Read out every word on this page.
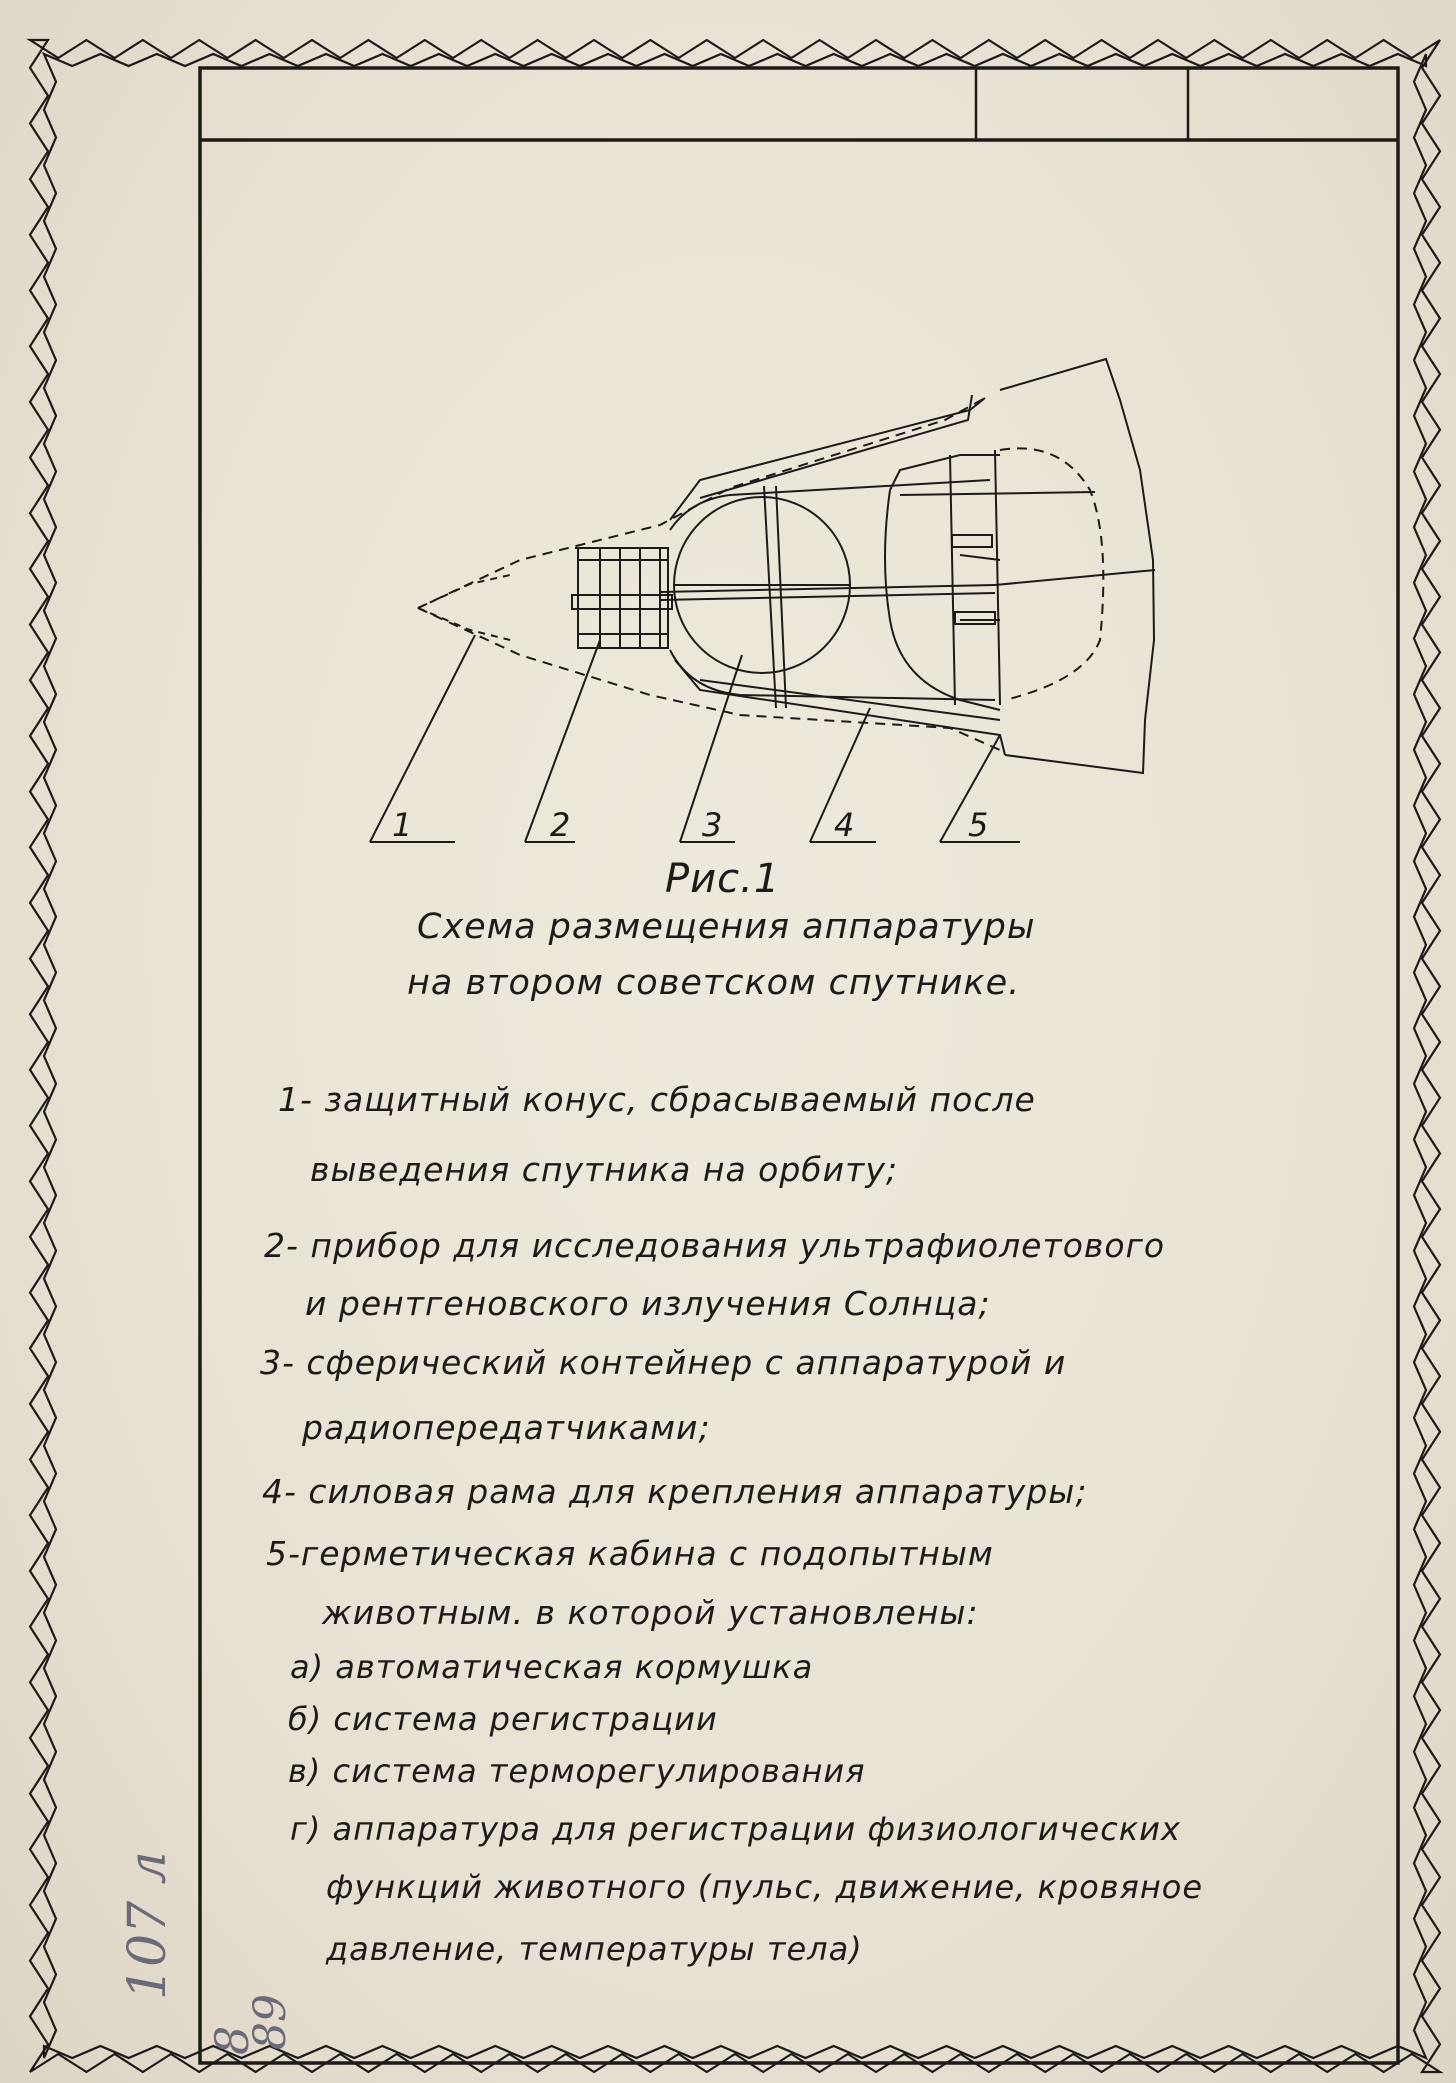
1	2	3	4	5
Рис.1
Схема размещения аппаратуры
на втором советском спутнике.
1- защитный конус, сбрасываемый после
выведения спутника на орбиту;
2- прибор для исследования ультрафиолетового
и рентгеновского излучения Солнца;
3- сферический контейнер с аппаратурой и
радиопередатчиками;
4- силовая рама для крепления аппаратуры;
5-герметическая кабина с подопытным
животным. в которой установлены:
а) автоматическая кормушка
б) система регистрации
в) система терморегулирования
г) аппаратура для регистрации физиологических
функций животного (пульс, движение, кровяное
давление, температуры тела)
107 л
8
89
